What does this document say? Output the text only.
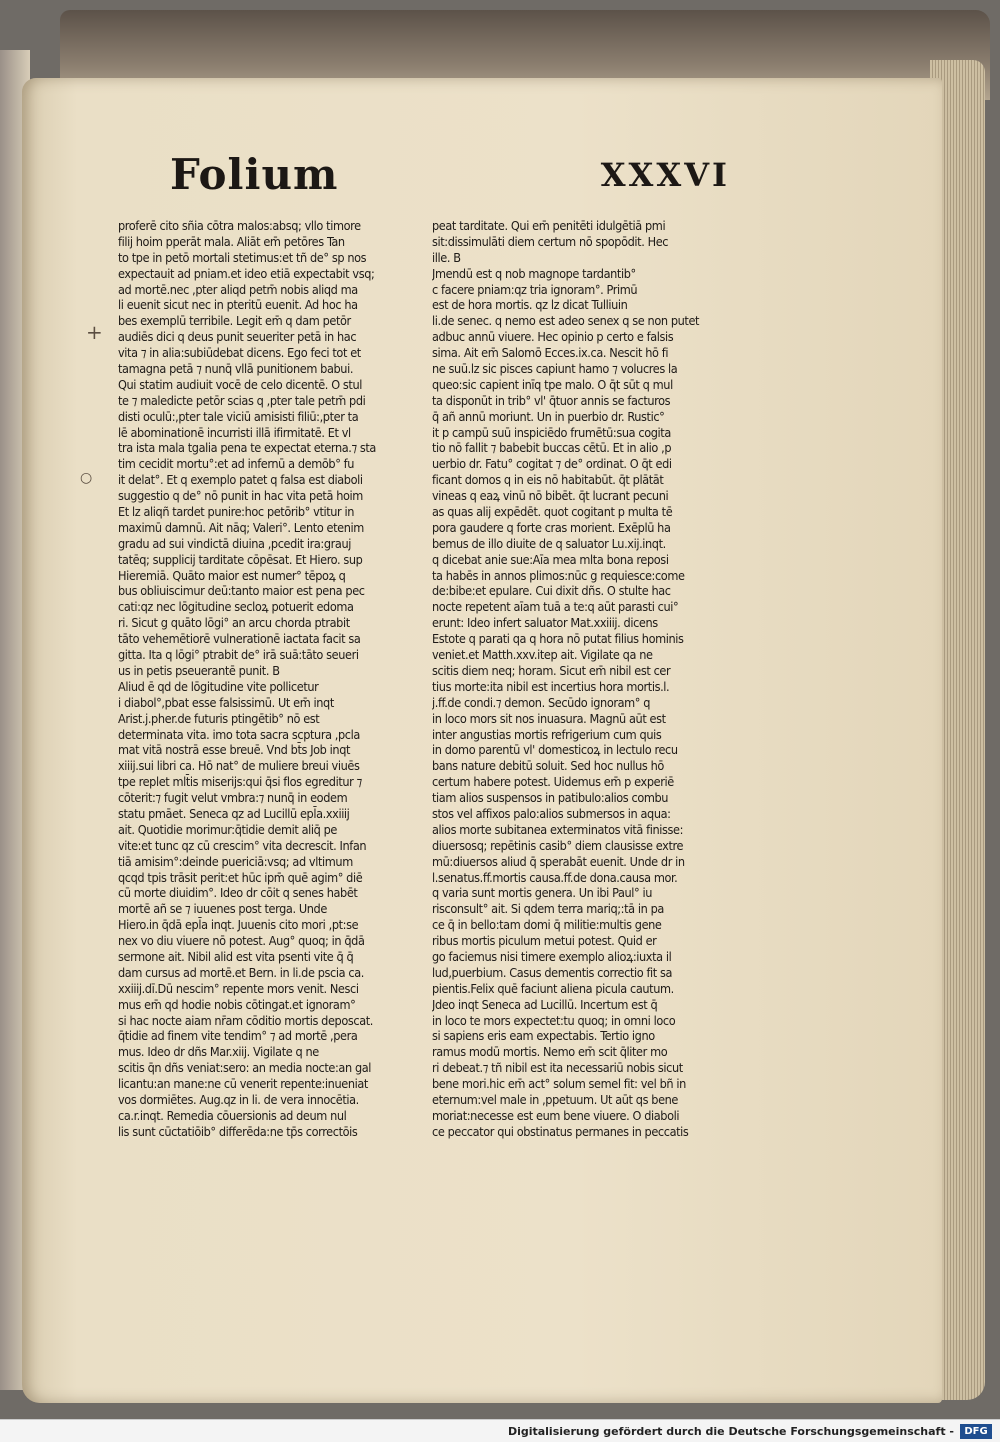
Folium	XXXVI
proferē cito sñia cōtra malos:absq; vllo timore
filij hoim pperāt mala. Aliāt em̄ petōres Tan
to tpe in petō mortali stetimus:et tñ de° sp nos
expectauit ad pniam.et ideo etiā expectabit vsq;
ad mortē.nec ,pter aliqd petm̄ nobis aliqd ma
li euenit sicut nec in pteritū euenit. Ad hoc ha
bes exemplū terribile. Legit em̄ q dam petōr
audiēs dici q deus punit seueriter petā in hac
vita ⁊ in alia:subiūdebat dicens. Ego feci tot et
tamagna petā ⁊ nunq̄ vllā punitionem babui.
Qui statim audiuit vocē de celo dicentē. O stul
te ⁊ maledicte petōr scias q ,pter tale petm̄ pdi
disti oculū:,pter tale viciū amisisti filiū:,pter ta
lē abominationē incurristi illā ifirmitatē. Et vl
tra ista mala tgalia pena te expectat eterna.⁊ sta
tim cecidit mortu°:et ad infernū a demōb° fu
it delat°. Et q exemplo patet q falsa est diaboli
suggestio q de° nō punit in hac vita petā hoim
Et lz aliqñ tardet punire:hoc petōrib° vtitur in
maximū damnū. Ait nāq; Valeri°. Lento etenim
gradu ad sui vindictā diuina ,pcedit ira:grauj
tatēq; supplicij tarditate cōpēsat. Et Hiero. sup
Hieremiā. Quāto maior est numer° tēpoꝝ q
bus obliuiscimur deū:tanto maior est pena pec
cati:qz nec lōgitudine secloꝝ potuerit edoma
ri. Sicut g quāto lōgi° an arcu chorda ptrabit
tāto vehemētiorē vulnerationē iactata facit sa
gitta. Ita q lōgi° ptrabit de° irā suā:tāto seueri
us in petis pseuerantē punit. B
Aliud ē qd de lōgitudine vite pollicetur
i diabol°,pbat esse falsissimū. Ut em̄ inqt
Arist.j.pher.de futuris ptingētib° nō est
determinata vita. imo tota sacra scptura ,pcla
mat vitā nostrā esse breuē. Vnd bt̄s Job inqt
xiiij.sui libri ca. Hō nat° de muliere breui viuēs
tpe replet mlt̄is miserijs:qui q̄si flos egreditur ⁊
cōterit:⁊ fugit velut vmbra:⁊ nunq̄ in eodem
statu pmāet. Seneca qz ad Lucillū epl̄a.xxiiij
ait. Quotidie morimur:q̄tidie demit aliq̄ pe
vite:et tunc qz cū crescim° vita decrescit. Infan
tiā amisim°:deinde puericiā:vsq; ad vltimum
qcqd tpis trāsit perit:et hūc ipm̄ quē agim° diē
cū morte diuidim°. Ideo dr cōit q senes habēt
mortē añ se ⁊ iuuenes post terga. Unde
Hiero.in q̄dā epl̄a inqt. Juuenis cito mori ,pt:se
nex vo diu viuere nō potest. Aug° quoq; in q̄dā
sermone ait. Nibil alid est vita psenti vite q̄ q̄
dam cursus ad mortē.et Bern. in li.de pscia ca.
xxiiij.dī.Dū nescim° repente mors venit. Nesci
mus em̄ qd hodie nobis cōtingat.et ignoram°
si hac nocte aiam nr̄am cōditio mortis deposcat.
q̄tidie ad finem vite tendim° ⁊ ad mortē ,pera
mus. Ideo dr dñs Mar.xiij. Vigilate q ne
scitis q̄n dñs veniat:sero: an media nocte:an gal
licantu:an mane:ne cū venerit repente:inueniat
vos dormiētes. Aug.qz in li. de vera innocētia.
ca.r.inqt. Remedia cōuersionis ad deum nul
lis sunt cūctatiōib° differēda:ne tp̄s correctōis
peat tarditate. Qui em̄ penitēti idulgētiā pmi
sit:dissimulāti diem certum nō spopōdit. Hec
ille. B
Jmendū est q nob magnope tardantib°
c facere pniam:qz tria ignoram°. Primū
est de hora mortis. qz lz dicat Tulliuin
li.de senec. q nemo est adeo senex q se non putet
adbuc annū viuere. Hec opinio p certo e falsis
sima. Ait em̄ Salomō Ecces.ix.ca. Nescit hō fi
ne suū.lz sic pisces capiunt hamo ⁊ volucres la
queo:sic capient inīq tpe malo. O q̄t sūt q mul
ta disponūt in trib° vl' q̄tuor annis se facturos
q̄ añ annū moriunt. Un in puerbio dr. Rustic°
it p campū suū inspiciēdo frumētū:sua cogita
tio nō fallit ⁊ babebit buccas cētū. Et in alio ,p
uerbio dr. Fatu° cogitat ⁊ de° ordinat. O q̄t edi
ficant domos q in eis nō habitabūt. q̄t plātāt
vineas q eaꝝ vinū nō bibēt. q̄t lucrant pecuni
as quas alij expēdēt. quot cogitant p multa tē
pora gaudere q forte cras morient. Exēplū ha
bemus de illo diuite de q saluator Lu.xij.inqt.
q dicebat anie sue:Aīa mea mlta bona reposi
ta habēs in annos plimos:nūc g requiesce:come
de:bibe:et epulare. Cui dixit dñs. O stulte hac
nocte repetent aīam tuā a te:q aūt parasti cui°
erunt: Ideo infert saluator Mat.xxiiij. dicens
Estote q parati qa q hora nō putat filius hominis
veniet.et Matth.xxv.itep ait. Vigilate qa ne
scitis diem neq; horam. Sicut em̄ nibil est cer
tius morte:ita nibil est incertius hora mortis.l.
j.ff.de condi.⁊ demon. Secūdo ignoram° q
in loco mors sit nos inuasura. Magnū aūt est
inter angustias mortis refrigerium cum quis
in domo parentū vl' domesticoꝝ in lectulo recu
bans nature debitū soluit. Sed hoc nullus hō
certum habere potest. Uidemus em̄ p experiē
tiam alios suspensos in patibulo:alios combu
stos vel affixos palo:alios submersos in aqua:
alios morte subitanea exterminatos vitā finisse:
diuersosq; repētinis casib° diem clausisse extre
mū:diuersos aliud q̄ sperabāt euenit. Unde dr in
l.senatus.ff.mortis causa.ff.de dona.causa mor.
q varia sunt mortis genera. Un ibi Paul° iu
risconsult° ait. Si qdem terra mariq;:tā in pa
ce q̄ in bello:tam domi q̄ militie:multis gene
ribus mortis piculum metui potest. Quid er
go faciemus nisi timere exemplo alioꝝ:iuxta il
lud,puerbium. Casus dementis correctio fit sa
pientis.Felix quē faciunt aliena picula cautum.
Jdeo inqt Seneca ad Lucillū. Incertum est q̄
in loco te mors expectet:tu quoq; in omni loco
si sapiens eris eam expectabis. Tertio igno
ramus modū mortis. Nemo em̄ scit q̄liter mo
ri debeat.⁊ tñ nibil est ita necessariū nobis sicut
bene mori.hic em̄ act° solum semel fit: vel bñ in
eternum:vel male in ,ppetuum. Ut aūt qs bene
moriat:necesse est eum bene viuere. O diaboli
ce peccator qui obstinatus permanes in peccatis
+
○
Digitalisierung gefördert durch die Deutsche Forschungsgemeinschaft -	DFG
